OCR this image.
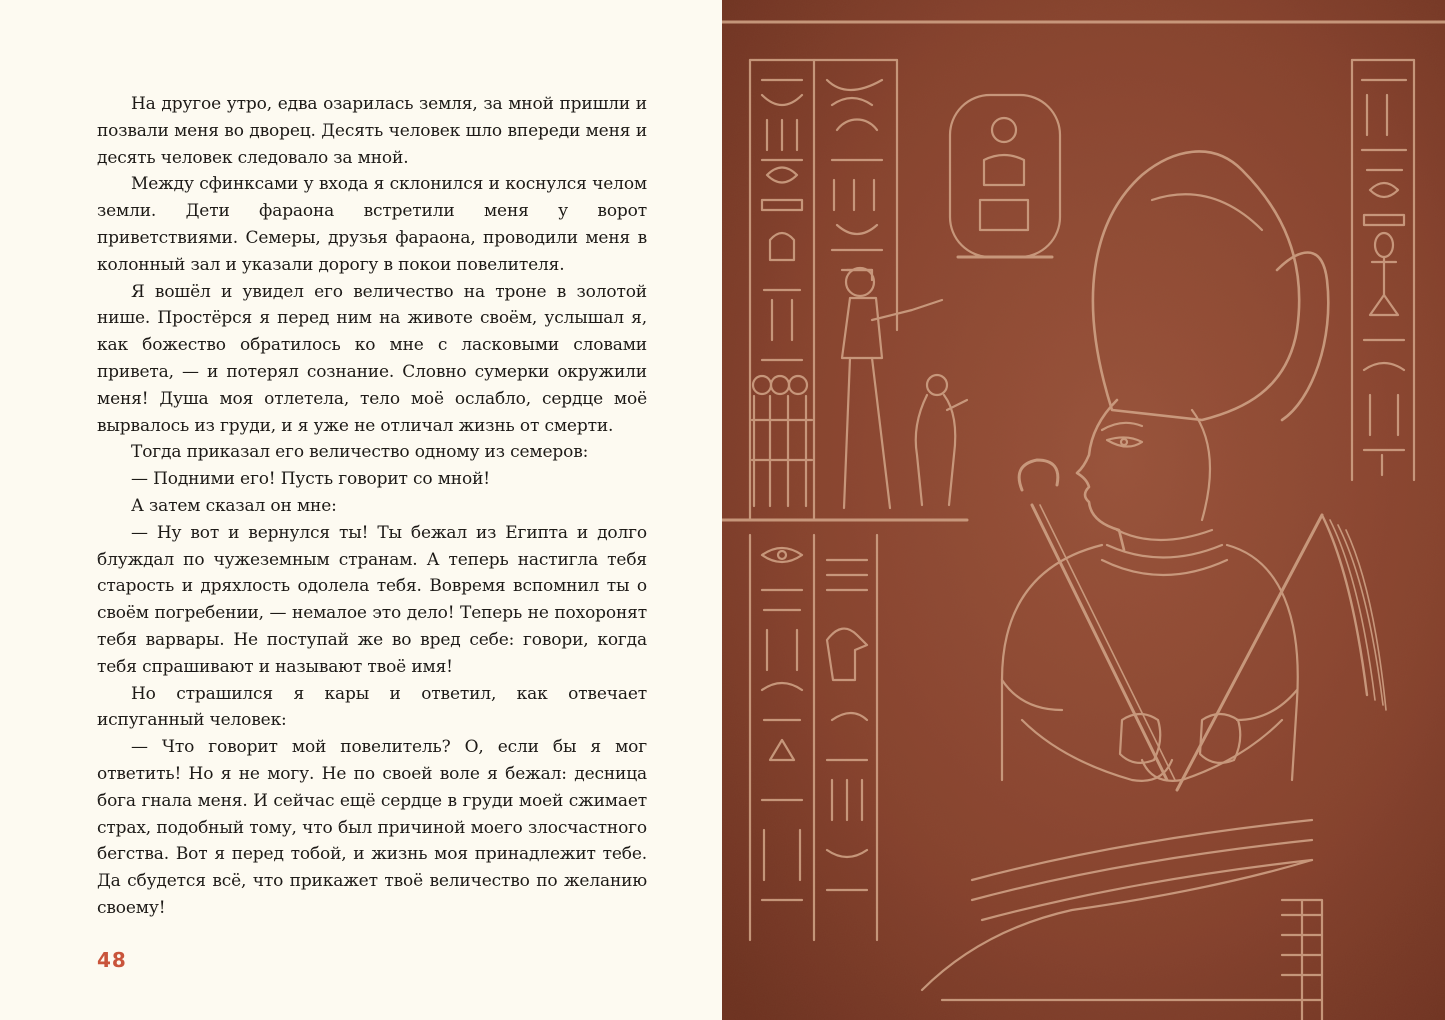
На другое утро, едва озарилась земля, за мной пришли и позвали меня во дворец. Десять человек шло впереди меня и десять человек следовало за мной.

Между сфинксами у входа я склонился и коснулся челом земли. Дети фараона встретили меня у ворот приветствиями. Семеры, друзья фараона, проводили меня в колонный зал и указали дорогу в покои повелителя.

Я вошёл и увидел его величество на троне в золотой нише. Простёрся я перед ним на животе своём, услышал я, как божество обратилось ко мне с ласковыми словами привета, — и потерял сознание. Словно сумерки окружили меня! Душа моя отлетела, тело моё ослабло, сердце моё вырвалось из груди, и я уже не отличал жизнь от смерти.

Тогда приказал его величество одному из семеров:

— Подними его! Пусть говорит со мной!

А затем сказал он мне:

— Ну вот и вернулся ты! Ты бежал из Египта и долго блуждал по чужеземным странам. А теперь настигла тебя старость и дряхлость одолела тебя. Вовремя вспомнил ты о своём погребении, — немалое это дело! Теперь не похоронят тебя варвары. Не поступай же во вред себе: говори, когда тебя спрашивают и называют твоё имя!

Но страшился я кары и ответил, как отвечает испуганный человек:

— Что говорит мой повелитель? О, если бы я мог ответить! Но я не могу. Не по своей воле я бежал: десница бога гнала меня. И сейчас ещё сердце в груди моей сжимает страх, подобный тому, что был причиной моего злосчастного бегства. Вот я перед тобой, и жизнь моя принадлежит тебе. Да сбудется всё, что прикажет твоё величество по желанию своему!

48
